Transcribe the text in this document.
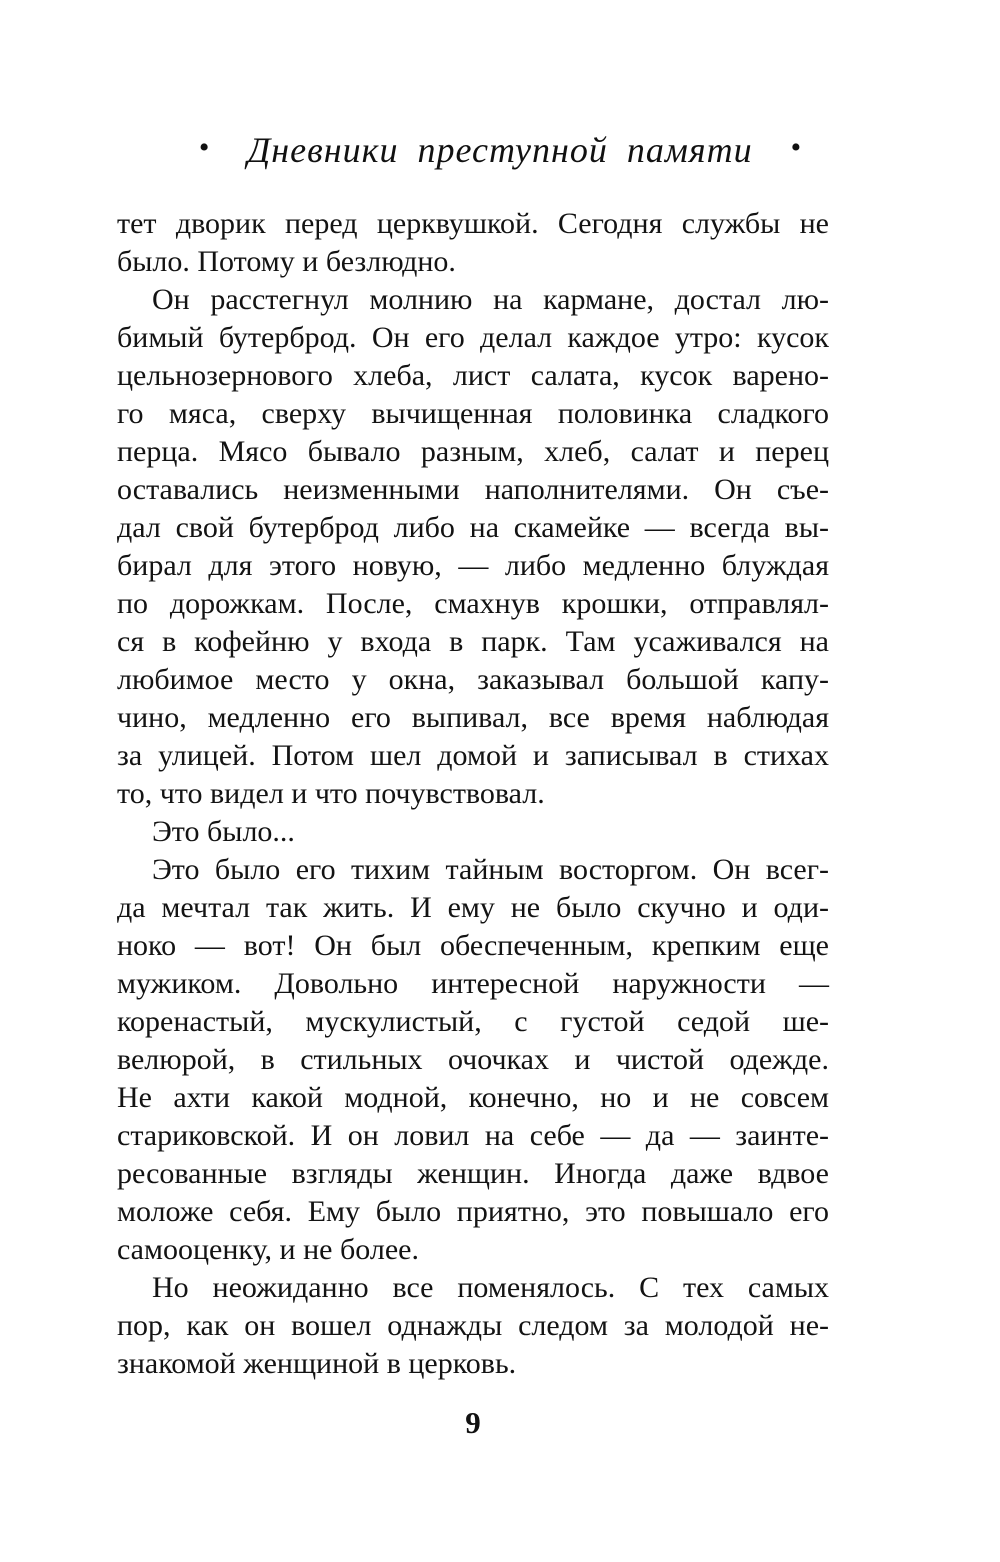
• Дневники преступной памяти •
тет дворик перед церквушкой. Сегодня службы не
было. Потому и безлюдно.
Он расстегнул молнию на кармане, достал лю-
бимый бутерброд. Он его делал каждое утро: кусок
цельнозернового хлеба, лист салата, кусок варено-
го мяса, сверху вычищенная половинка сладкого
перца. Мясо бывало разным, хлеб, салат и перец
оставались неизменными наполнителями. Он съе-
дал свой бутерброд либо на скамейке — всегда вы-
бирал для этого новую, — либо медленно блуждая
по дорожкам. После, смахнув крошки, отправлял-
ся в кофейню у входа в парк. Там усаживался на
любимое место у окна, заказывал большой капу-
чино, медленно его выпивал, все время наблюдая
за улицей. Потом шел домой и записывал в стихах
то, что видел и что почувствовал.
Это было...
Это было его тихим тайным восторгом. Он всег-
да мечтал так жить. И ему не было скучно и оди-
ноко — вот! Он был обеспеченным, крепким еще
мужиком. Довольно интересной наружности —
коренастый, мускулистый, с густой седой ше-
велюрой, в стильных очочках и чистой одежде.
Не ахти какой модной, конечно, но и не совсем
стариковской. И он ловил на себе — да — заинте-
ресованные взгляды женщин. Иногда даже вдвое
моложе себя. Ему было приятно, это повышало его
самооценку, и не более.
Но неожиданно все поменялось. С тех самых
пор, как он вошел однажды следом за молодой не-
знакомой женщиной в церковь.
9
